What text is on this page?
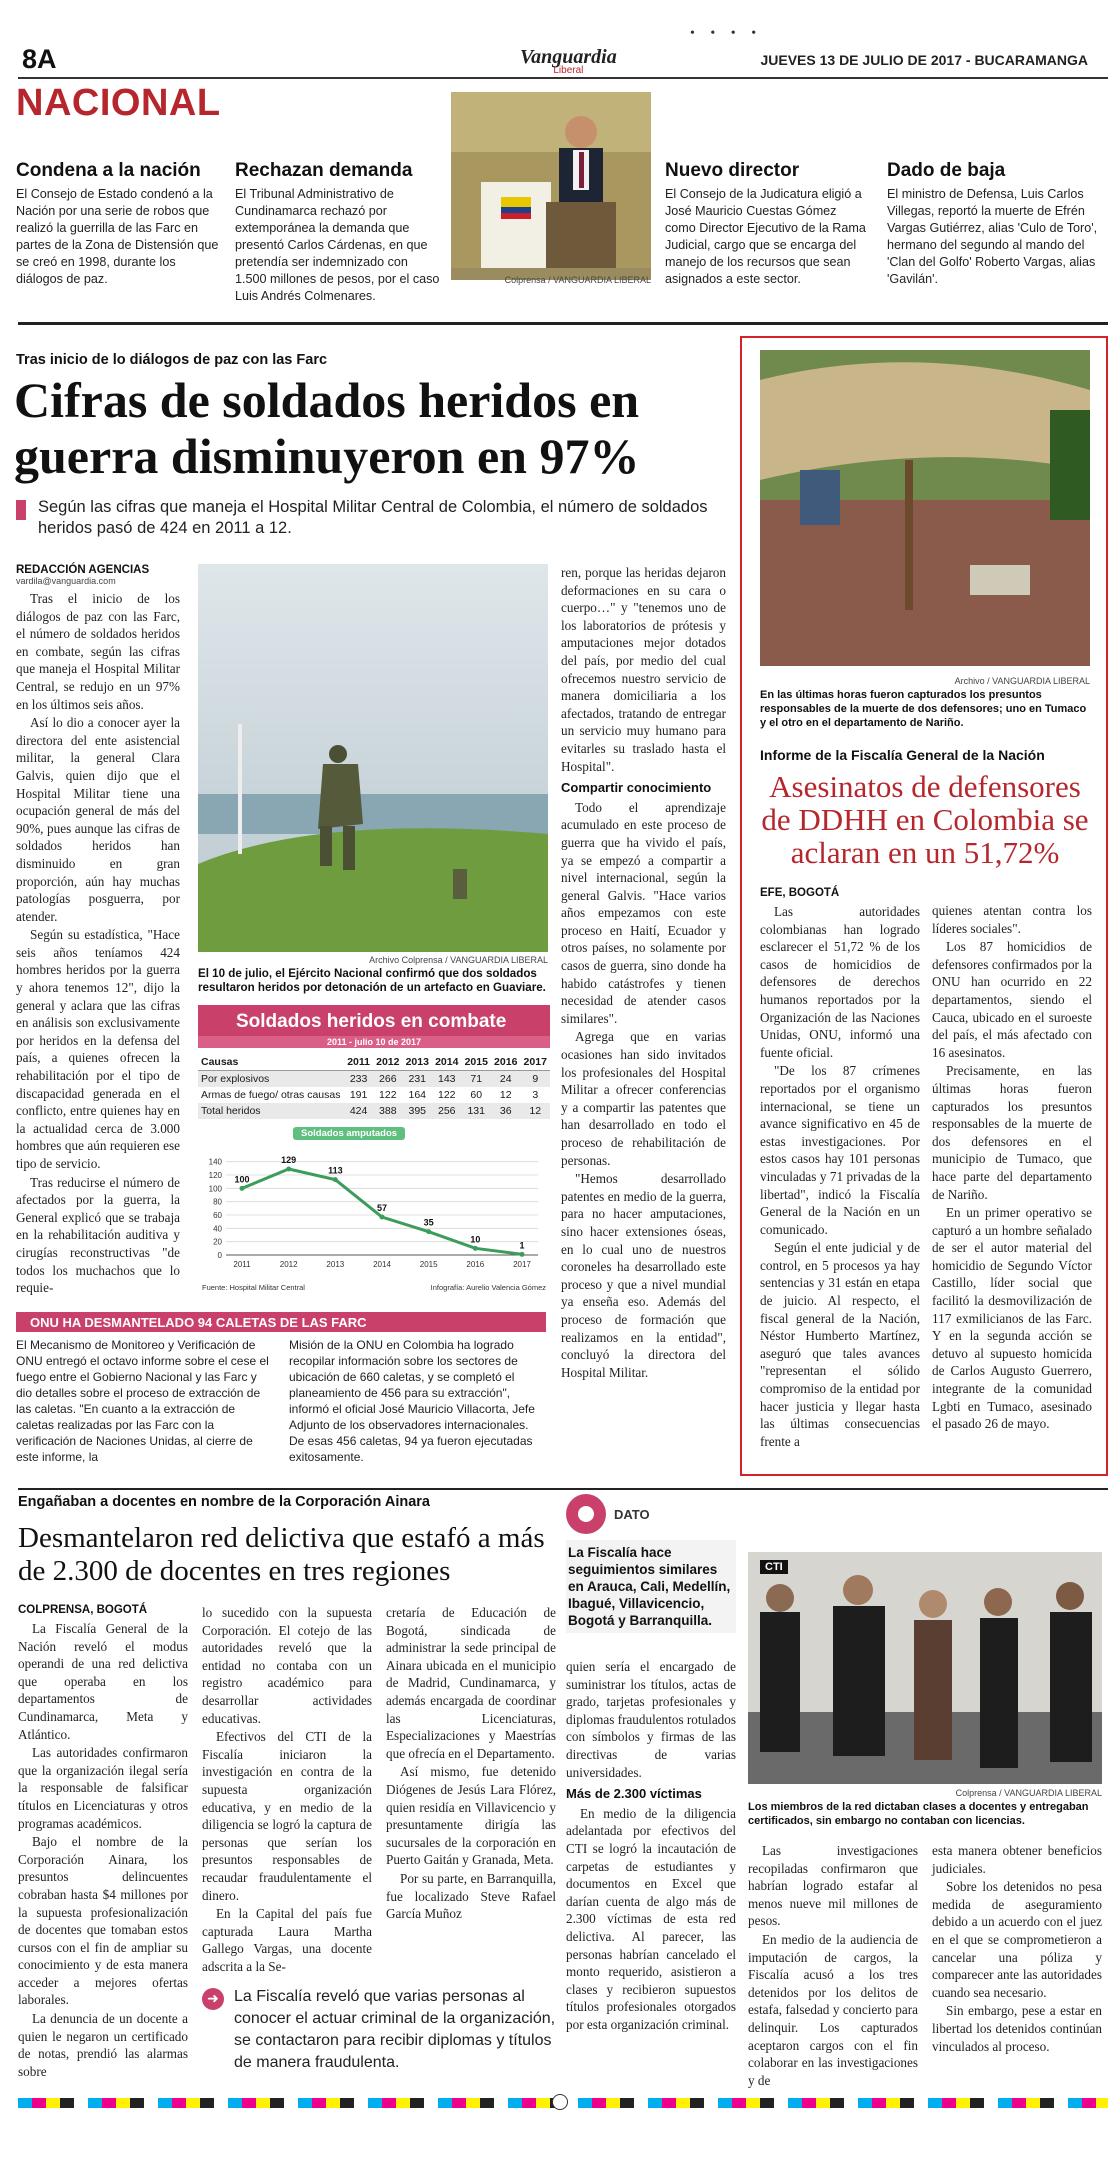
• • • •
8A	Vanguardia
Liberal
JUEVES 13 DE JULIO DE 2017 - BUCARAMANGA
NACIONAL
Condena a la nación
El Consejo de Estado condenó a la Nación por una serie de robos que realizó la guerrilla de las Farc en partes de la Zona de Distensión que se creó en 1998, durante los diálogos de paz.
Rechazan demanda
El Tribunal Administrativo de Cundinamarca rechazó por extemporánea la demanda que presentó Carlos Cárdenas, en que pretendía ser indemnizado con 1.500 millones de pesos, por el caso Luis Andrés Colmenares.
Colprensa / VANGUARDIA LIBERAL
Nuevo director
El Consejo de la Judicatura eligió a José Mauricio Cuestas Gómez como Director Ejecutivo de la Rama Judicial, cargo que se encarga del manejo de los recursos que sean asignados a este sector.
Dado de baja
El ministro de Defensa, Luis Carlos Villegas, reportó la muerte de Efrén Vargas Gutiérrez, alias 'Culo de Toro', hermano del segundo al mando del 'Clan del Golfo' Roberto Vargas, alias 'Gavilán'.
Tras inicio de lo diálogos de paz con las Farc
Cifras de soldados heridos en guerra disminuyeron en 97%
Según las cifras que maneja el Hospital Militar Central de Colombia, el número de soldados heridos pasó de 424 en 2011 a 12.
REDACCIÓN AGENCIAS
vardila@vanguardia.com

Tras el inicio de los diálogos de paz con las Farc, el número de soldados heridos en combate, según las cifras que maneja el Hospital Militar Central, se redujo en un 97% en los últimos seis años.

Así lo dio a conocer ayer la directora del ente asistencial militar, la general Clara Galvis, quien dijo que el Hospital Militar tiene una ocupación general de más del 90%, pues aunque las cifras de soldados heridos han disminuido en gran proporción, aún hay muchas patologías posguerra, por atender.

Según su estadística, "Hace seis años teníamos 424 hombres heridos por la guerra y ahora tenemos 12", dijo la general y aclara que las cifras en análisis son exclusivamente por heridos en la defensa del país, a quienes ofrecen la rehabilitación por el tipo de discapacidad generada en el conflicto, entre quienes hay en la actualidad cerca de 3.000 hombres que aún requieren ese tipo de servicio.

Tras reducirse el número de afectados por la guerra, la General explicó que se trabaja en la rehabilitación auditiva y cirugías reconstructivas "de todos los muchachos que lo requie-

Archivo Colprensa / VANGUARDIA LIBERAL
El 10 de julio, el Ejército Nacional confirmó que dos soldados resultaron heridos por detonación de un artefacto en Guaviare.
Soldados heridos en combate
2011 - julio 10 de 2017
Causas	2011	2012	2013	2014	2015	2016	2017
Por explosivos	233	266	231	143	71	24	9
Armas de fuego/ otras causas	191	122	164	122	60	12	3
Total heridos	424	388	395	256	131	36	12
Soldados amputados
0
20
40
60
80
100
120
140
100
2011
129
2012
113
2013
57
2014
35
2015
10
2016
1
2017
Fuente: Hospital Militar Central	Infografía: Aurelio Valencia Gómez

ren, porque las heridas dejaron deformaciones en su cara o cuerpo…" y "tenemos uno de los laboratorios de prótesis y amputaciones mejor dotados del país, por medio del cual ofrecemos nuestro servicio de manera domiciliaria a los afectados, tratando de entregar un servicio muy humano para evitarles su traslado hasta el Hospital".

Compartir conocimiento

Todo el aprendizaje acumulado en este proceso de guerra que ha vivido el país, ya se empezó a compartir a nivel internacional, según la general Galvis. "Hace varios años empezamos con este proceso en Haití, Ecuador y otros países, no solamente por casos de guerra, sino donde ha habido catástrofes y tienen necesidad de atender casos similares".

Agrega que en varias ocasiones han sido invitados los profesionales del Hospital Militar a ofrecer conferencias y a compartir las patentes que han desarrollado en todo el proceso de rehabilitación de personas.

"Hemos desarrollado patentes en medio de la guerra, para no hacer amputaciones, sino hacer extensiones óseas, en lo cual uno de nuestros coroneles ha desarrollado este proceso y que a nivel mundial ya enseña eso. Además del proceso de formación que realizamos en la entidad", concluyó la directora del Hospital Militar.

ONU HA DESMANTELADO 94 CALETAS DE LAS FARC
El Mecanismo de Monitoreo y Verificación de ONU entregó el octavo informe sobre el cese el fuego entre el Gobierno Nacional y las Farc y dio detalles sobre el proceso de extracción de las caletas. "En cuanto a la extracción de caletas realizadas por las Farc con la verificación de Naciones Unidas, al cierre de este informe, la
Misión de la ONU en Colombia ha logrado recopilar información sobre los sectores de ubicación de 660 caletas, y se completó el planeamiento de 456 para su extracción", informó el oficial José Mauricio Villacorta, Jefe Adjunto de los observadores internacionales. De esas 456 caletas, 94 ya fueron ejecutadas exitosamente.
Archivo / VANGUARDIA LIBERAL
En las últimas horas fueron capturados los presuntos responsables de la muerte de dos defensores; uno en Tumaco y el otro en el departamento de Nariño.
Informe de la Fiscalía General de la Nación
Asesinatos de defensores de DDHH en Colombia se aclaran en un 51,72%
EFE, BOGOTÁ

Las autoridades colombianas han logrado esclarecer el 51,72 % de los casos de homicidios de defensores de derechos humanos reportados por la Organización de las Naciones Unidas, ONU, informó una fuente oficial.

"De los 87 crímenes reportados por el organismo internacional, se tiene un avance significativo en 45 de estas investigaciones. Por estos casos hay 101 personas vinculadas y 71 privadas de la libertad", indicó la Fiscalía General de la Nación en un comunicado.

Según el ente judicial y de control, en 5 procesos ya hay sentencias y 31 están en etapa de juicio. Al respecto, el fiscal general de la Nación, Néstor Humberto Martínez, aseguró que tales avances "representan el sólido compromiso de la entidad por hacer justicia y llegar hasta las últimas consecuencias frente a

quienes atentan contra los líderes sociales".

Los 87 homicidios de defensores confirmados por la ONU han ocurrido en 22 departamentos, siendo el Cauca, ubicado en el suroeste del país, el más afectado con 16 asesinatos.

Precisamente, en las últimas horas fueron capturados los presuntos responsables de la muerte de dos defensores en el municipio de Tumaco, que hace parte del departamento de Nariño.

En un primer operativo se capturó a un hombre señalado de ser el autor material del homicidio de Segundo Víctor Castillo, líder social que facilitó la desmovilización de 117 exmilicianos de las Farc. Y en la segunda acción se detuvo al supuesto homicida de Carlos Augusto Guerrero, integrante de la comunidad Lgbti en Tumaco, asesinado el pasado 26 de mayo.

Engañaban a docentes en nombre de la Corporación Ainara
Desmantelaron red delictiva que estafó a más de 2.300 de docentes en tres regiones
COLPRENSA, BOGOTÁ

La Fiscalía General de la Nación reveló el modus operandi de una red delictiva que operaba en los departamentos de Cundinamarca, Meta y Atlántico.

Las autoridades confirmaron que la organización ilegal sería la responsable de falsificar títulos en Licenciaturas y otros programas académicos.

Bajo el nombre de la Corporación Ainara, los presuntos delincuentes cobraban hasta $4 millones por la supuesta profesionalización de docentes que tomaban estos cursos con el fin de ampliar su conocimiento y de esta manera acceder a mejores ofertas laborales.

La denuncia de un docente a quien le negaron un certificado de notas, prendió las alarmas sobre

lo sucedido con la supuesta Corporación. El cotejo de las autoridades reveló que la entidad no contaba con un registro académico para desarrollar actividades educativas.

Efectivos del CTI de la Fiscalía iniciaron la investigación en contra de la supuesta organización educativa, y en medio de la diligencia se logró la captura de personas que serían los presuntos responsables de recaudar fraudulentamente el dinero.

En la Capital del país fue capturada Laura Martha Gallego Vargas, una docente adscrita a la Se-

cretaría de Educación de Bogotá, sindicada de administrar la sede principal de Ainara ubicada en el municipio de Madrid, Cundinamarca, y además encargada de coordinar las Licenciaturas, Especializaciones y Maestrías que ofrecía en el Departamento.

Así mismo, fue detenido Diógenes de Jesús Lara Flórez, quien residía en Villavicencio y presuntamente dirigía las sucursales de la corporación en Puerto Gaitán y Granada, Meta.

Por su parte, en Barranquilla, fue localizado Steve Rafael García Muñoz

➜ La Fiscalía reveló que varias personas al conocer el actuar criminal de la organización, se contactaron para recibir diplomas y títulos de manera fraudulenta.
DATO
La Fiscalía hace seguimientos similares en Arauca, Cali, Medellín, Ibagué, Villavicencio, Bogotá y Barranquilla.

quien sería el encargado de suministrar los títulos, actas de grado, tarjetas profesionales y diplomas fraudulentos rotulados con símbolos y firmas de las directivas de varias universidades.

Más de 2.300 víctimas

En medio de la diligencia adelantada por efectivos del CTI se logró la incautación de carpetas de estudiantes y documentos en Excel que darían cuenta de algo más de 2.300 víctimas de esta red delictiva. Al parecer, las personas habrían cancelado el monto requerido, asistieron a clases y recibieron supuestos títulos profesionales otorgados por esta organización criminal.

CTI
Colprensa / VANGUARDIA LIBERAL
Los miembros de la red dictaban clases a docentes y entregaban certificados, sin embargo no contaban con licencias.

Las investigaciones recopiladas confirmaron que habrían logrado estafar al menos nueve mil millones de pesos.

En medio de la audiencia de imputación de cargos, la Fiscalía acusó a los tres detenidos por los delitos de estafa, falsedad y concierto para delinquir. Los capturados aceptaron cargos con el fin colaborar en las investigaciones y de

esta manera obtener beneficios judiciales.

Sobre los detenidos no pesa medida de aseguramiento debido a un acuerdo con el juez en el que se comprometieron a cancelar una póliza y comparecer ante las autoridades cuando sea necesario.

Sin embargo, pese a estar en libertad los detenidos continúan vinculados al proceso.
